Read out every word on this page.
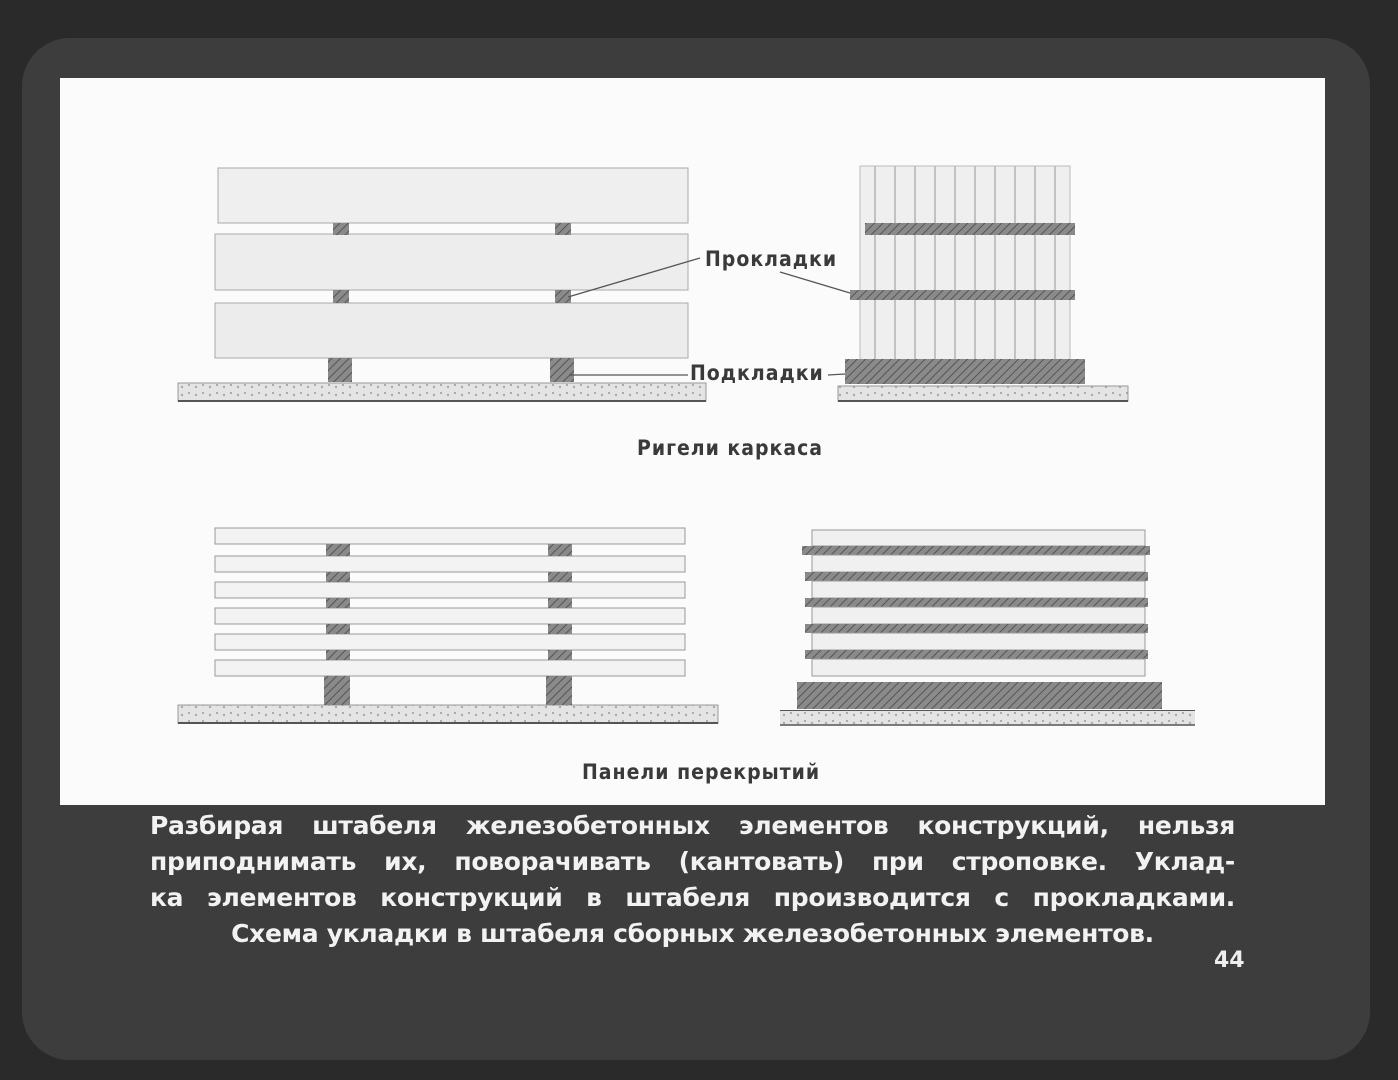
Прокладки
Подкладки
Ригели каркаса
Панели перекрытий
Разбирая штабеля железобетонных элементов конструкций, нельзя
приподнимать их, поворачивать (кантовать) при строповке. Уклад-
ка элементов конструкций в штабеля производится с прокладками.
Схема укладки в штабеля сборных железобетонных элементов.
44
